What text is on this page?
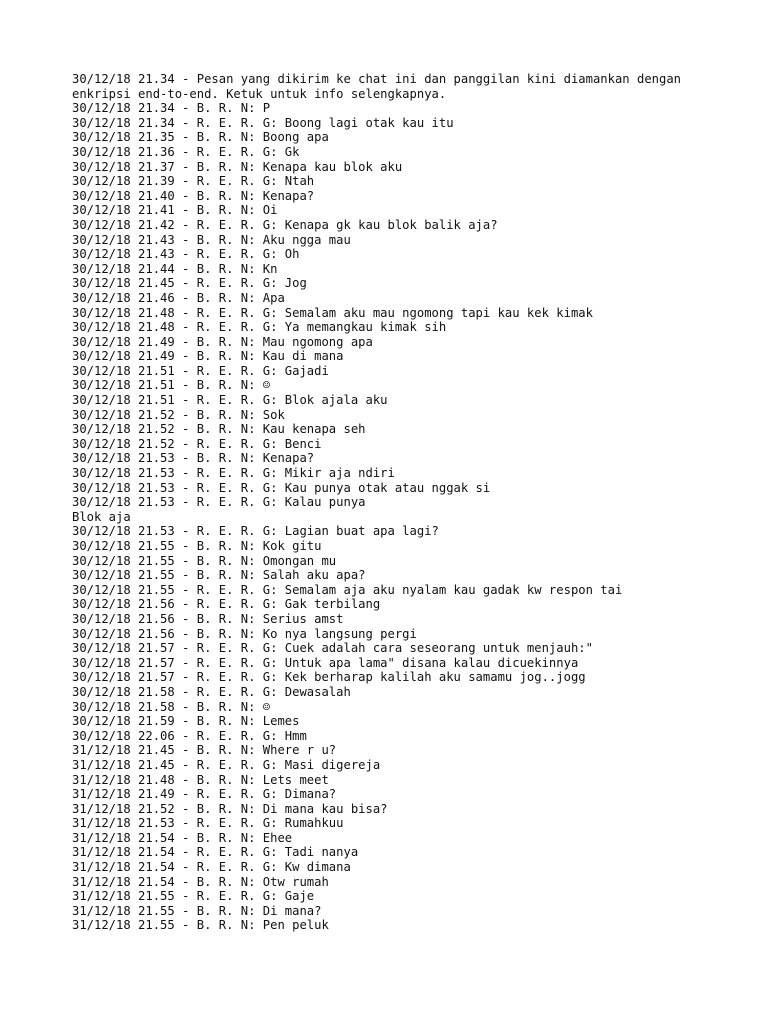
30/12/18 21.34 - Pesan yang dikirim ke chat ini dan panggilan kini diamankan dengan
enkripsi end-to-end. Ketuk untuk info selengkapnya.
30/12/18 21.34 - B. R. N: P
30/12/18 21.34 - R. E. R. G: Boong lagi otak kau itu
30/12/18 21.35 - B. R. N: Boong apa
30/12/18 21.36 - R. E. R. G: Gk
30/12/18 21.37 - B. R. N: Kenapa kau blok aku
30/12/18 21.39 - R. E. R. G: Ntah
30/12/18 21.40 - B. R. N: Kenapa?
30/12/18 21.41 - B. R. N: Oi
30/12/18 21.42 - R. E. R. G: Kenapa gk kau blok balik aja?
30/12/18 21.43 - B. R. N: Aku ngga mau
30/12/18 21.43 - R. E. R. G: Oh
30/12/18 21.44 - B. R. N: Kn
30/12/18 21.45 - R. E. R. G: Jog
30/12/18 21.46 - B. R. N: Apa
30/12/18 21.48 - R. E. R. G: Semalam aku mau ngomong tapi kau kek kimak
30/12/18 21.48 - R. E. R. G: Ya memangkau kimak sih
30/12/18 21.49 - B. R. N: Mau ngomong apa
30/12/18 21.49 - B. R. N: Kau di mana
30/12/18 21.51 - R. E. R. G: Gajadi
30/12/18 21.51 - B. R. N: ☺
30/12/18 21.51 - R. E. R. G: Blok ajala aku
30/12/18 21.52 - B. R. N: Sok
30/12/18 21.52 - B. R. N: Kau kenapa seh
30/12/18 21.52 - R. E. R. G: Benci
30/12/18 21.53 - B. R. N: Kenapa?
30/12/18 21.53 - R. E. R. G: Mikir aja ndiri
30/12/18 21.53 - R. E. R. G: Kau punya otak atau nggak si
30/12/18 21.53 - R. E. R. G: Kalau punya
Blok aja
30/12/18 21.53 - R. E. R. G: Lagian buat apa lagi?
30/12/18 21.55 - B. R. N: Kok gitu
30/12/18 21.55 - B. R. N: Omongan mu
30/12/18 21.55 - B. R. N: Salah aku apa?
30/12/18 21.55 - R. E. R. G: Semalam aja aku nyalam kau gadak kw respon tai
30/12/18 21.56 - R. E. R. G: Gak terbilang
30/12/18 21.56 - B. R. N: Serius amst
30/12/18 21.56 - B. R. N: Ko nya langsung pergi
30/12/18 21.57 - R. E. R. G: Cuek adalah cara seseorang untuk menjauh:"
30/12/18 21.57 - R. E. R. G: Untuk apa lama" disana kalau dicuekinnya
30/12/18 21.57 - R. E. R. G: Kek berharap kalilah aku samamu jog..jogg
30/12/18 21.58 - R. E. R. G: Dewasalah
30/12/18 21.58 - B. R. N: ☺
30/12/18 21.59 - B. R. N: Lemes
30/12/18 22.06 - R. E. R. G: Hmm
31/12/18 21.45 - B. R. N: Where r u?
31/12/18 21.45 - R. E. R. G: Masi digereja
31/12/18 21.48 - B. R. N: Lets meet
31/12/18 21.49 - R. E. R. G: Dimana?
31/12/18 21.52 - B. R. N: Di mana kau bisa?
31/12/18 21.53 - R. E. R. G: Rumahkuu
31/12/18 21.54 - B. R. N: Ehee
31/12/18 21.54 - R. E. R. G: Tadi nanya
31/12/18 21.54 - R. E. R. G: Kw dimana
31/12/18 21.54 - B. R. N: Otw rumah
31/12/18 21.55 - R. E. R. G: Gaje
31/12/18 21.55 - B. R. N: Di mana?
31/12/18 21.55 - B. R. N: Pen peluk
